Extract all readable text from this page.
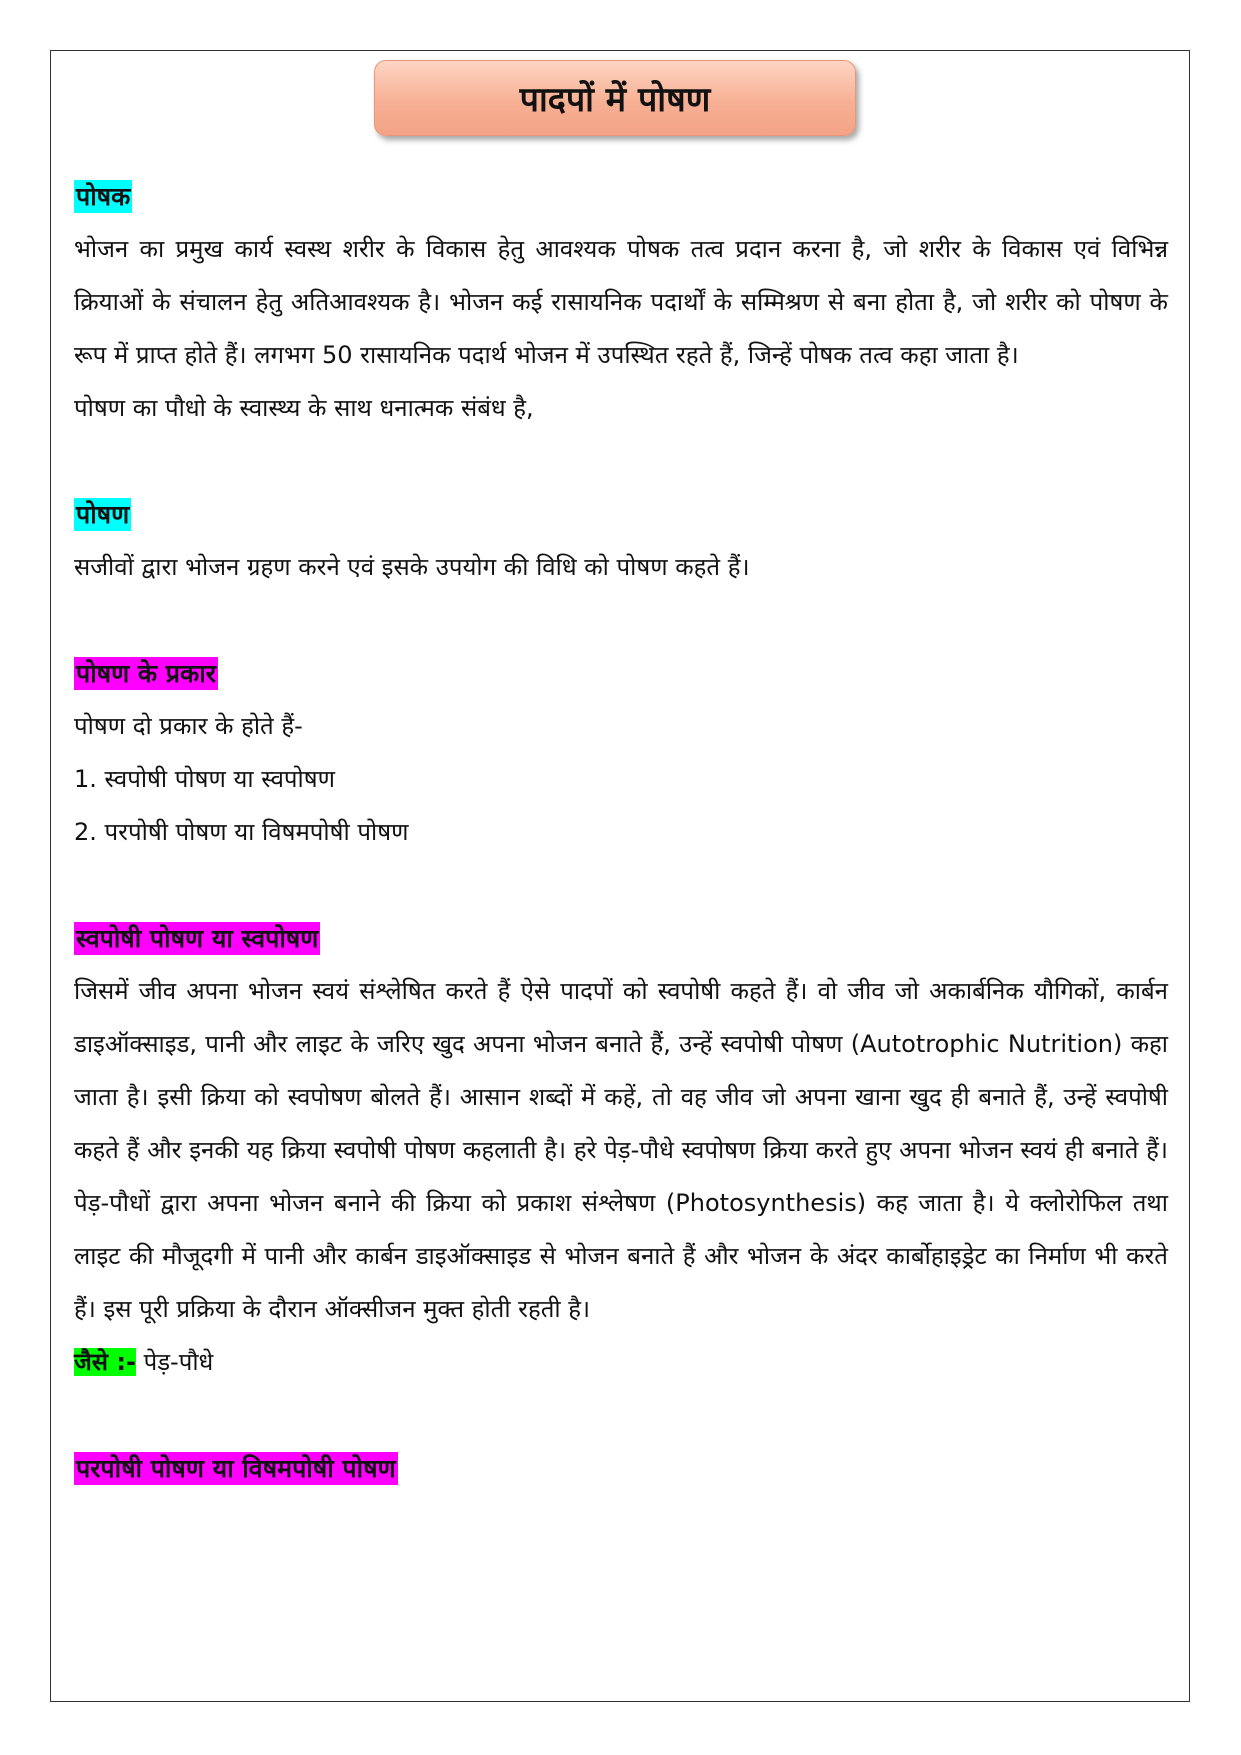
पादपों में पोषण
पोषक

भोजन का प्रमुख कार्य स्वस्थ शरीर के विकास हेतु आवश्यक पोषक तत्व प्रदान करना है, जो शरीर के विकास एवं विभिन्न क्रियाओं के संचालन हेतु अतिआवश्यक है। भोजन कई रासायनिक पदार्थों के सम्मिश्रण से बना होता है, जो शरीर को पोषण के रूप में प्राप्त होते हैं। लगभग 50 रासायनिक पदार्थ भोजन में उपस्थित रहते हैं, जिन्हें पोषक तत्व कहा जाता है।

पोषण का पौधो के स्वास्थ्य के साथ धनात्मक संबंध है,

पोषण

सजीवों द्वारा भोजन ग्रहण करने एवं इसके उपयोग की विधि को पोषण कहते हैं।

पोषण के प्रकार
पोषण दो प्रकार के होते हैं-
1. स्वपोषी पोषण या स्वपोषण
2. परपोषी पोषण या विषमपोषी पोषण
स्वपोषी पोषण या स्वपोषण

जिसमें जीव अपना भोजन स्वयं संश्लेषित करते हैं ऐसे पादपों को स्वपोषी कहते हैं। वो जीव जो अकार्बनिक यौगिकों, कार्बन डाइऑक्साइड, पानी और लाइट के जरिए खुद अपना भोजन बनाते हैं, उन्हें स्वपोषी पोषण (Autotrophic Nutrition) कहा जाता है। इसी क्रिया को स्वपोषण बोलते हैं। आसान शब्दों में कहें, तो वह जीव जो अपना खाना खुद ही बनाते हैं, उन्हें स्वपोषी कहते हैं और इनकी यह क्रिया स्वपोषी पोषण कहलाती है। हरे पेड़-पौधे स्वपोषण क्रिया करते हुए अपना भोजन स्वयं ही बनाते हैं। पेड़-पौधों द्वारा अपना भोजन बनाने की क्रिया को प्रकाश संश्लेषण (Photosynthesis) कह जाता है। ये क्लोरोफिल तथा लाइट की मौजूदगी में पानी और कार्बन डाइऑक्साइड से भोजन बनाते हैं और भोजन के अंदर कार्बोहाइड्रेट का निर्माण भी करते हैं। इस पूरी प्रक्रिया के दौरान ऑक्सीजन मुक्त होती रहती है।

जैसे :- पेड़-पौधे
परपोषी पोषण या विषमपोषी पोषण
